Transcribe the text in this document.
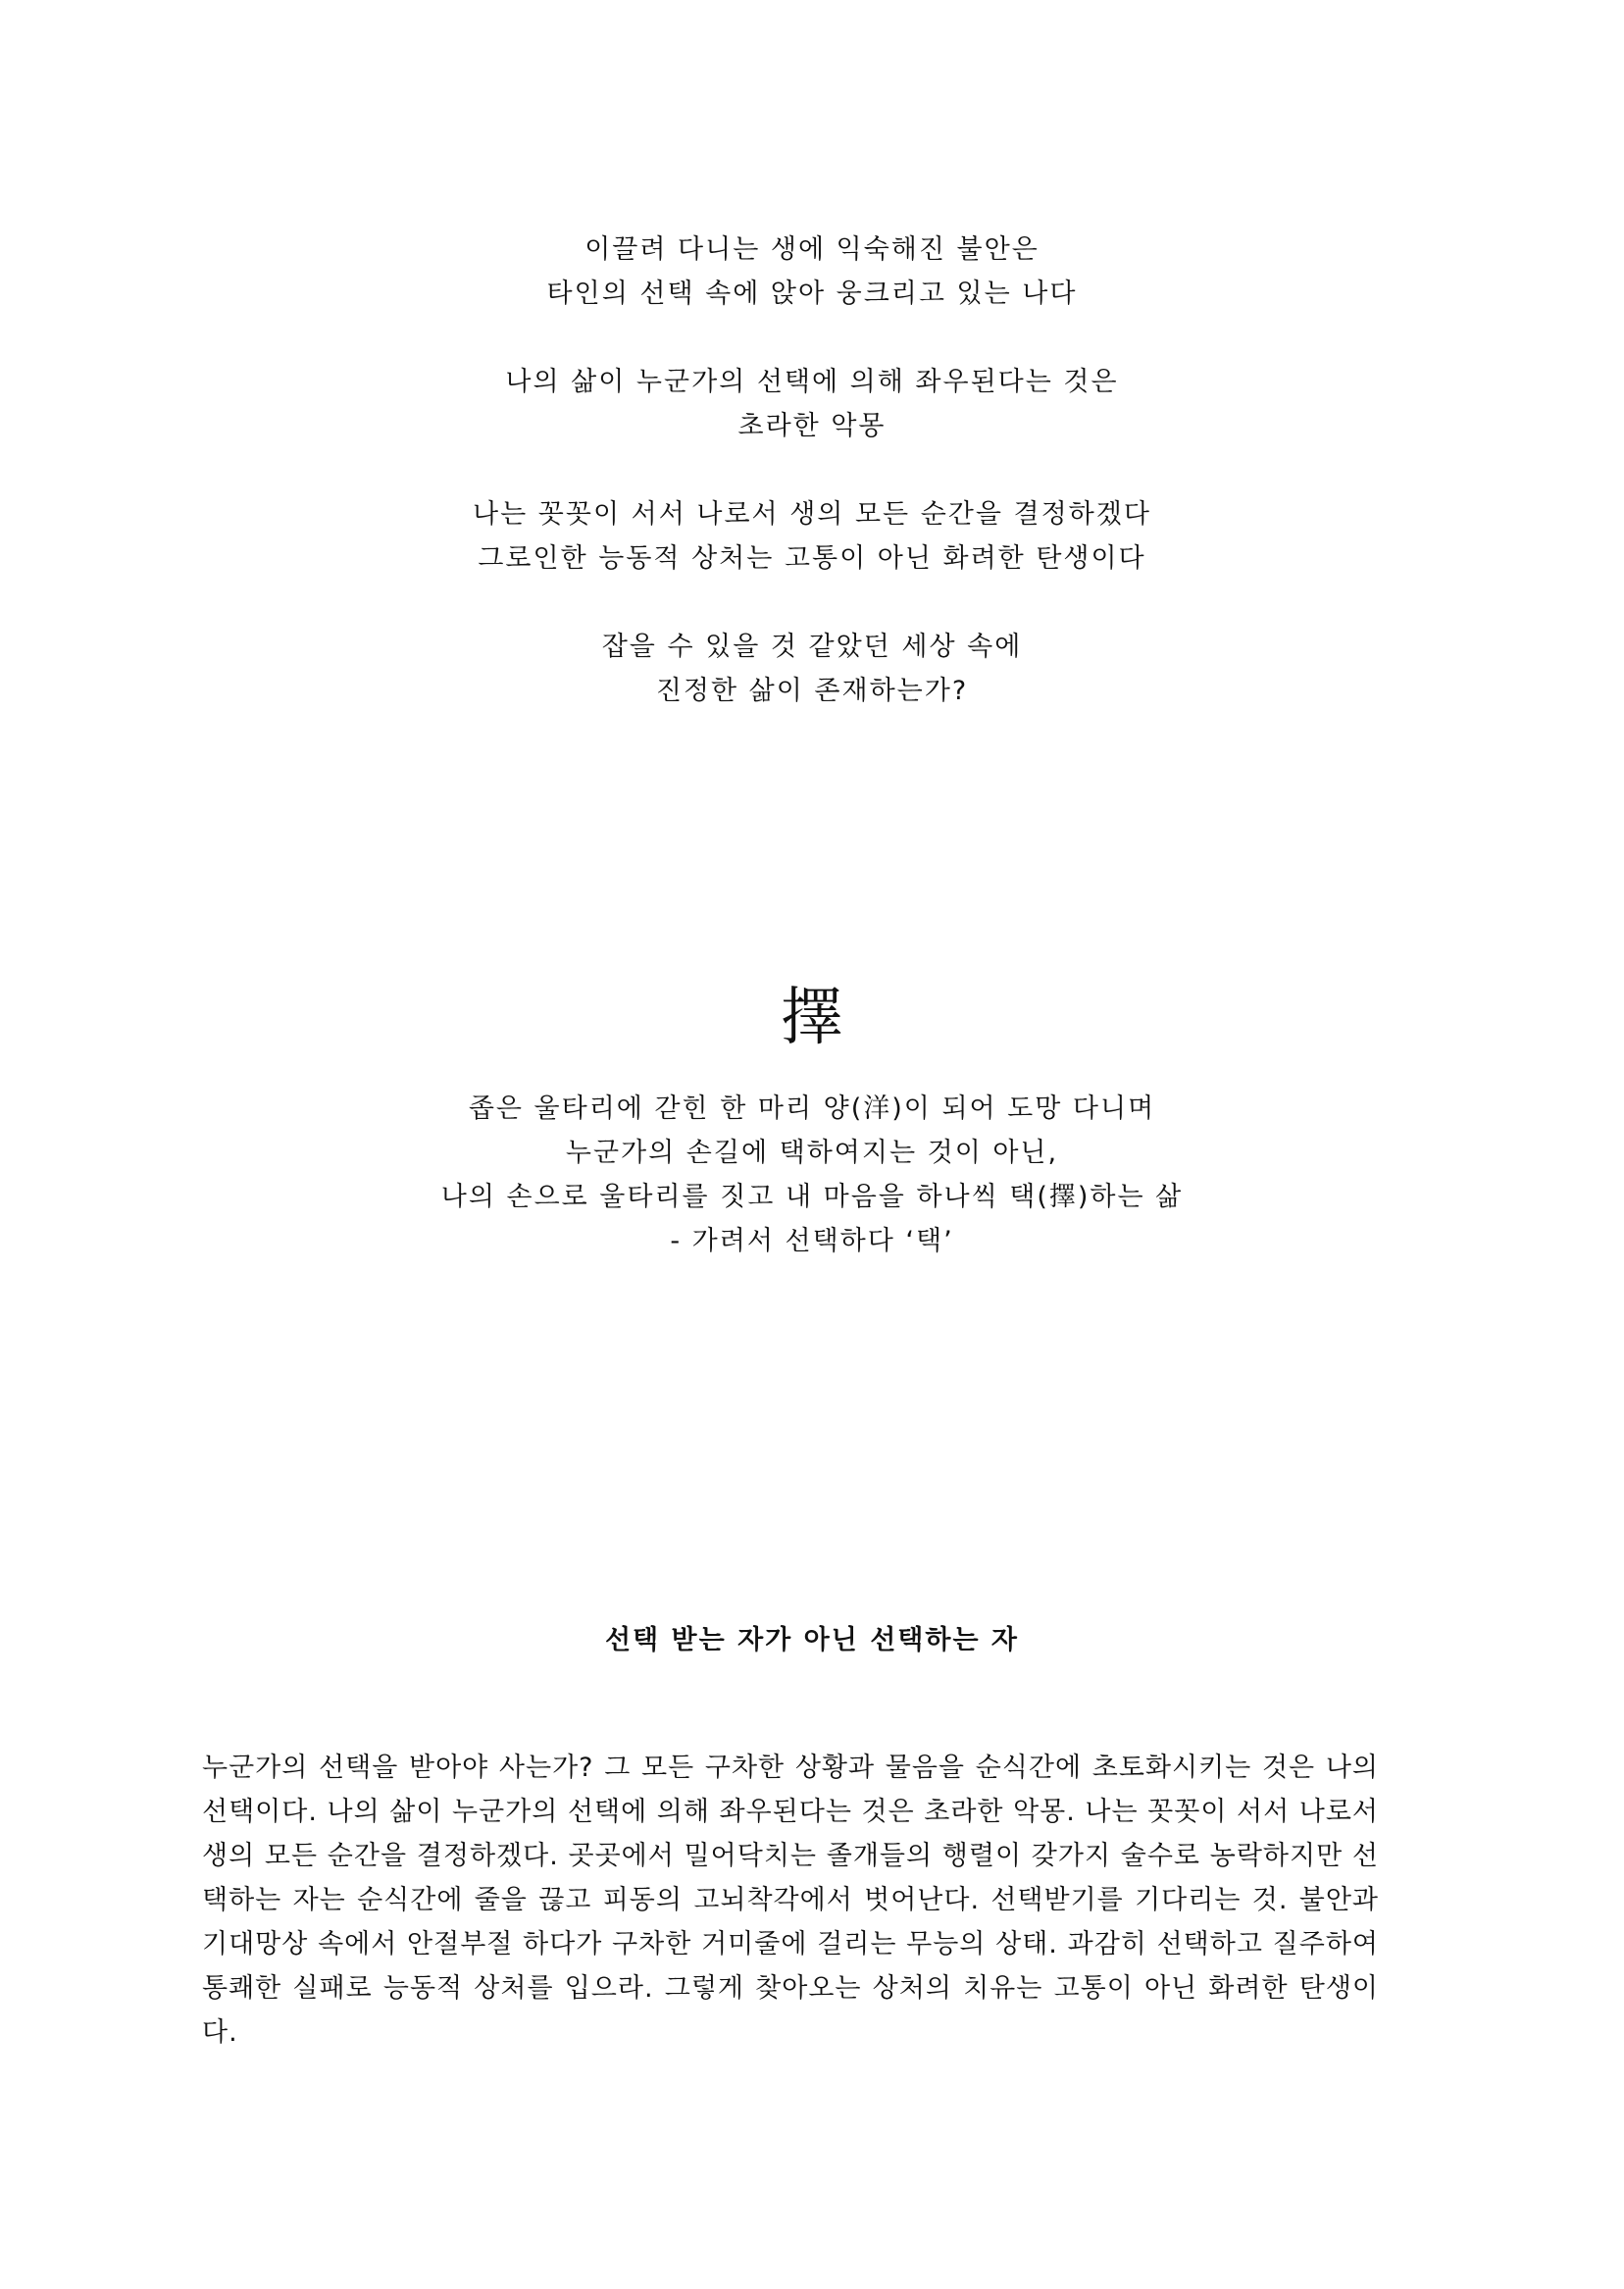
이끌려 다니는 생에 익숙해진 불안은

타인의 선택 속에 앉아 웅크리고 있는 나다

나의 삶이 누군가의 선택에 의해 좌우된다는 것은

초라한 악몽

나는 꼿꼿이 서서 나로서 생의 모든 순간을 결정하겠다

그로인한 능동적 상처는 고통이 아닌 화려한 탄생이다

잡을 수 있을 것 같았던 세상 속에

진정한 삶이 존재하는가?

擇

좁은 울타리에 갇힌 한 마리 양(洋)이 되어 도망 다니며

누군가의 손길에 택하여지는 것이 아닌,

나의 손으로 울타리를 짓고 내 마음을 하나씩 택(擇)하는 삶

- 가려서 선택하다 ‘택’

선택 받는 자가 아닌 선택하는 자

누군가의 선택을 받아야 사는가? 그 모든 구차한 상황과 물음을 순식간에 초토화시키는 것은 나의 선택이다. 나의 삶이 누군가의 선택에 의해 좌우된다는 것은 초라한 악몽. 나는 꼿꼿이 서서 나로서 생의 모든 순간을 결정하겠다. 곳곳에서 밀어닥치는 졸개들의 행렬이 갖가지 술수로 농락하지만 선택하는 자는 순식간에 줄을 끊고 피동의 고뇌착각에서 벗어난다. 선택받기를 기다리는 것. 불안과 기대망상 속에서 안절부절 하다가 구차한 거미줄에 걸리는 무능의 상태. 과감히 선택하고 질주하여 통쾌한 실패로 능동적 상처를 입으라. 그렇게 찾아오는 상처의 치유는 고통이 아닌 화려한 탄생이다.
